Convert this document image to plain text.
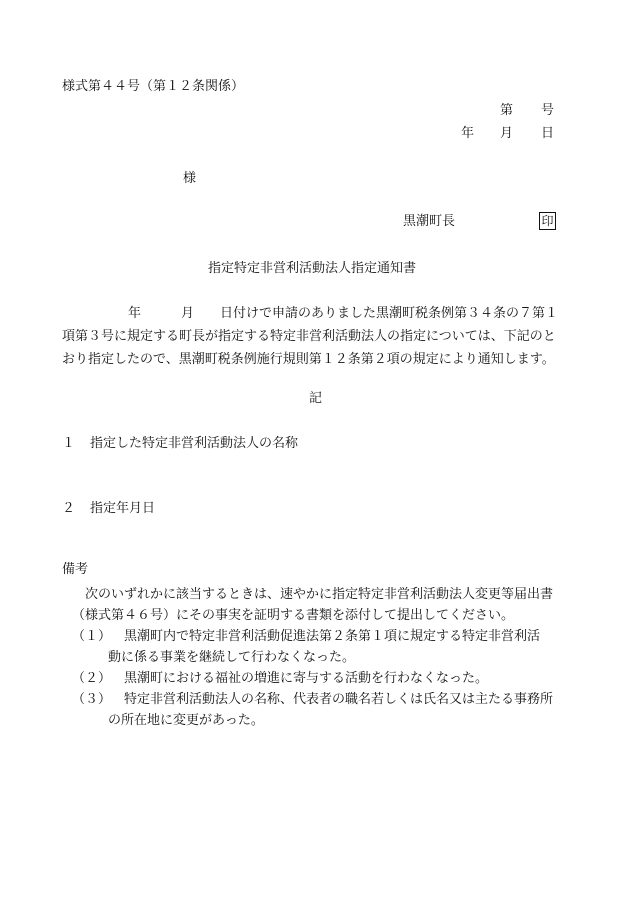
様式第４４号（第１２条関係）
第 号
年 月 日
様
黒潮町長	印
指定特定非営利活動法人指定通知書
年	月 日付けで申請のありました黒潮町税条例第３４条の７第１
項第３号に規定する町長が指定する特定非営利活動法人の指定については、下記のと
おり指定したので、黒潮町税条例施行規則第１２条第２項の規定により通知します。
記
１ 指定した特定非営利活動法人の名称
２ 指定年月日
備考
次のいずれかに該当するときは、速やかに指定特定非営利活動法人変更等届出書
（様式第４６号）にその事実を証明する書類を添付して提出してください。
（１） 黒潮町内で特定非営利活動促進法第２条第１項に規定する特定非営利活
動に係る事業を継続して行わなくなった。
（２） 黒潮町における福祉の増進に寄与する活動を行わなくなった。
（３） 特定非営利活動法人の名称、代表者の職名若しくは氏名又は主たる事務所
の所在地に変更があった。
